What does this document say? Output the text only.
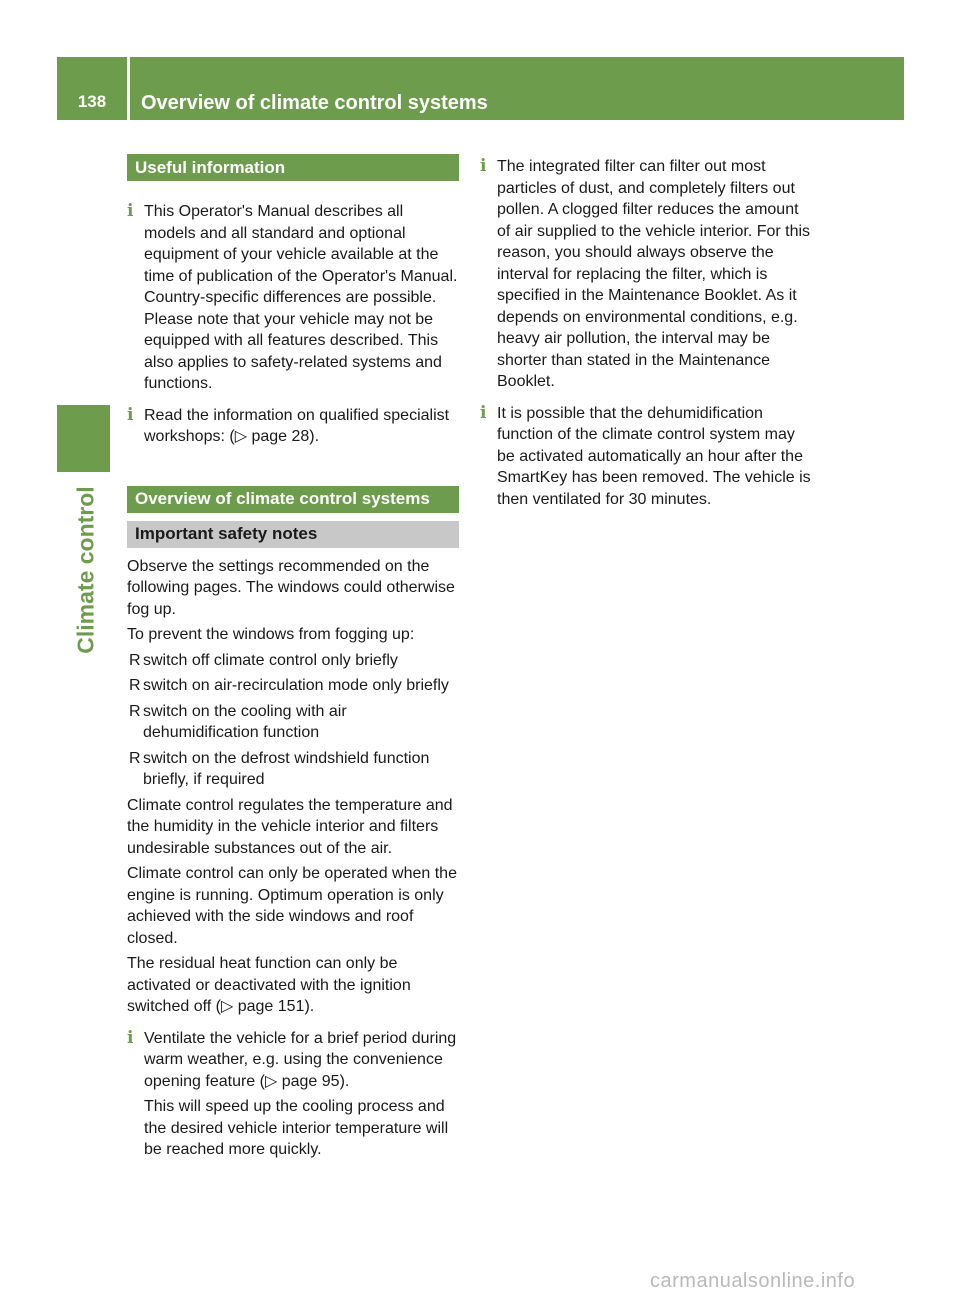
138	Overview of climate control systems
Climate control
Useful information
i This Operator's Manual describes all models and all standard and optional equipment of your vehicle available at the time of publication of the Operator's Manual. Country-specific differences are possible. Please note that your vehicle may not be equipped with all features described. This also applies to safety-related systems and functions.

i Read the information on qualified specialist workshops: (▷ page 28).

Overview of climate control systems
Important safety notes

Observe the settings recommended on the following pages. The windows could otherwise fog up.

To prevent the windows from fogging up:

R switch off climate control only briefly
R switch on air-recirculation mode only briefly
R switch on the cooling with air dehumidification function
R switch on the defrost windshield function briefly, if required

Climate control regulates the temperature and the humidity in the vehicle interior and filters undesirable substances out of the air.

Climate control can only be operated when the engine is running. Optimum operation is only achieved with the side windows and roof closed.

The residual heat function can only be activated or deactivated with the ignition switched off (▷ page 151).

i Ventilate the vehicle for a brief period during warm weather, e.g. using the convenience opening feature (▷ page 95).

This will speed up the cooling process and the desired vehicle interior temperature will be reached more quickly.

i The integrated filter can filter out most particles of dust, and completely filters out pollen. A clogged filter reduces the amount of air supplied to the vehicle interior. For this reason, you should always observe the interval for replacing the filter, which is specified in the Maintenance Booklet. As it depends on environmental conditions, e.g. heavy air pollution, the interval may be shorter than stated in the Maintenance Booklet.

i It is possible that the dehumidification function of the climate control system may be activated automatically an hour after the SmartKey has been removed. The vehicle is then ventilated for 30 minutes.

carmanualsonline.info
